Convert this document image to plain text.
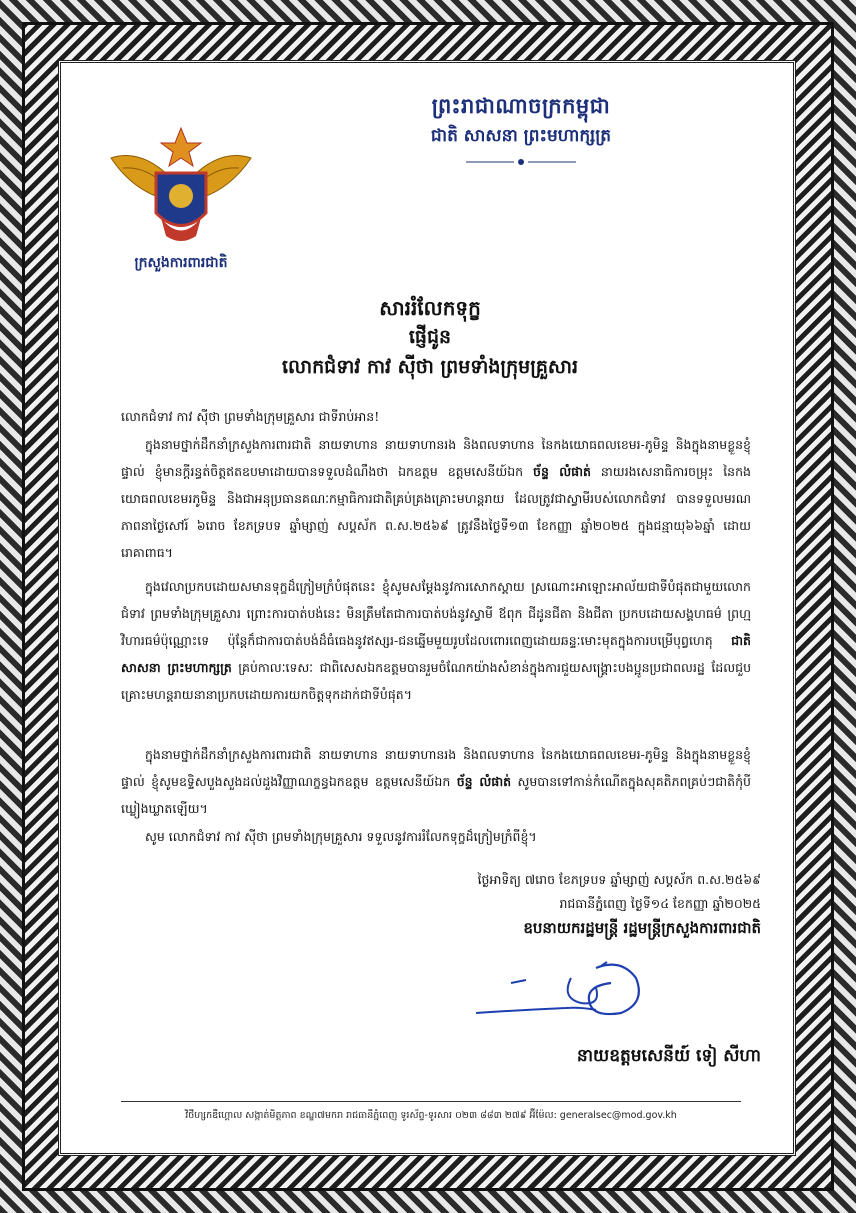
ព្រះរាជាណាចក្រកម្ពុជា
ជាតិ សាសនា ព្រះមហាក្សត្រ
ក្រសួងការពារជាតិ
សាររំលែកទុក្ខ
ផ្ញើជូន
លោកជំទាវ កាវ ស៊ីថា ព្រមទាំងក្រុមគ្រួសារ
លោកជំទាវ កាវ ស៊ីថា ព្រមទាំងក្រុមគ្រួសារ ជាទីរាប់អាន!
ក្នុងនាមថ្នាក់ដឹកនាំក្រសួងការពារជាតិ នាយទាហាន នាយទាហានរង និងពលទាហាន នៃកងយោធពលខេមរ-ភូមិន្ទ និងក្នុងនាមខ្លួនខ្ញុំផ្ទាល់ ខ្ញុំមានក្ដីរន្ធត់ចិត្តឥតឧបមាដោយបានទទួលដំណឹងថា ឯកឧត្តម ឧត្តមសេនីយ៍ឯក ច័ន្ទ លំផាត់ នាយរងសេនាធិការចម្រុះ នៃកងយោធពលខេមរភូមិន្ទ និងជាអនុប្រធានគណៈកម្មាធិការជាតិគ្រប់គ្រងគ្រោះមហន្តរាយ ដែលត្រូវជាស្វាមីរបស់លោកជំទាវ បានទទួលមរណភាពនាថ្ងៃសៅរ៍ ៦រោច ខែភទ្របទ ឆ្នាំម្សាញ់ សប្ដស័ក ព.ស.២៥៦៩ ត្រូវនឹងថ្ងៃទី១៣ ខែកញ្ញា ឆ្នាំ២០២៥ ក្នុងជន្មាយុ៦៦ឆ្នាំ ដោយរោគាពាធ។
ក្នុងវេលាប្រកបដោយសមានទុក្ខដ៏ក្រៀមក្រំបំផុតនេះ ខ្ញុំសូមសម្ដែងនូវការសោកស្ដាយ ស្រណោះអាឡោះអាល័យជាទីបំផុតជាមួយលោកជំទាវ ព្រមទាំងក្រុមគ្រួសារ ព្រោះការបាត់បង់នេះ មិនត្រឹមតែជាការបាត់បង់នូវស្វាមី ឪពុក ជីដូនជីតា និងជីតា ប្រកបដោយសង្គហធម៌ ព្រហ្មវិហារធម៌ប៉ុណ្ណោះទេ ប៉ុន្តែក៏ជាការបាត់បង់ដ៏ធំធេងនូវឥស្សរ-ជនឆ្នើមមួយរូបដែលពោរពេញដោយឆន្ទៈមោះមុតក្នុងការបម្រើបុព្វហេតុ ជាតិ សាសនា ព្រះមហាក្សត្រ គ្រប់កាលៈទេសៈ ជាពិសេសឯកឧត្តមបានរួមចំណែកយ៉ាងសំខាន់ក្នុងការជួយសង្គ្រោះបងប្អូនប្រជាពលរដ្ឋ ដែលជួបគ្រោះមហន្តរាយនានាប្រកបដោយការយកចិត្តទុកដាក់ជាទីបំផុត។
ក្នុងនាមថ្នាក់ដឹកនាំក្រសួងការពារជាតិ នាយទាហាន នាយទាហានរង និងពលទាហាន នៃកងយោធពលខេមរ-ភូមិន្ទ និងក្នុងនាមខ្លួនខ្ញុំផ្ទាល់ ខ្ញុំសូមឧទ្ទិសបួងសួងដល់ដួងវិញ្ញាណក្ខន្ធឯកឧត្តម ឧត្តមសេនីយ៍ឯក ច័ន្ទ លំផាត់ សូមបានទៅកាន់កំណើតក្នុងសុគតិភពគ្រប់ៗជាតិកុំបីឃ្លៀងឃ្លាតឡើយ។
សូម លោកជំទាវ កាវ ស៊ីថា ព្រមទាំងក្រុមគ្រួសារ ទទួលនូវការរំលែកទុក្ខដ៏ក្រៀមក្រំពីខ្ញុំ។
ថ្ងៃអាទិត្យ ៧រោច ខែភទ្របទ ឆ្នាំម្សាញ់ សប្ដស័ក ព.ស.២៥៦៩
រាជធានីភ្នំពេញ ថ្ងៃទី១៤ ខែកញ្ញា ឆ្នាំ២០២៥
ឧបនាយករដ្ឋមន្ត្រី រដ្ឋមន្ត្រីក្រសួងការពារជាតិ
នាយឧត្តមសេនីយ៍ ទៀ សីហា
វិថីហ្សកឌឺហ្គោល សង្កាត់មិត្តភាព ខណ្ឌ៧មករា រាជធានីភ្នំពេញ ទូរស័ព្ទ-ទូរសារ ០២៣ ៨៨៣ ២៧៩ អ៊ីម៉ែល: generalsec@mod.gov.kh
